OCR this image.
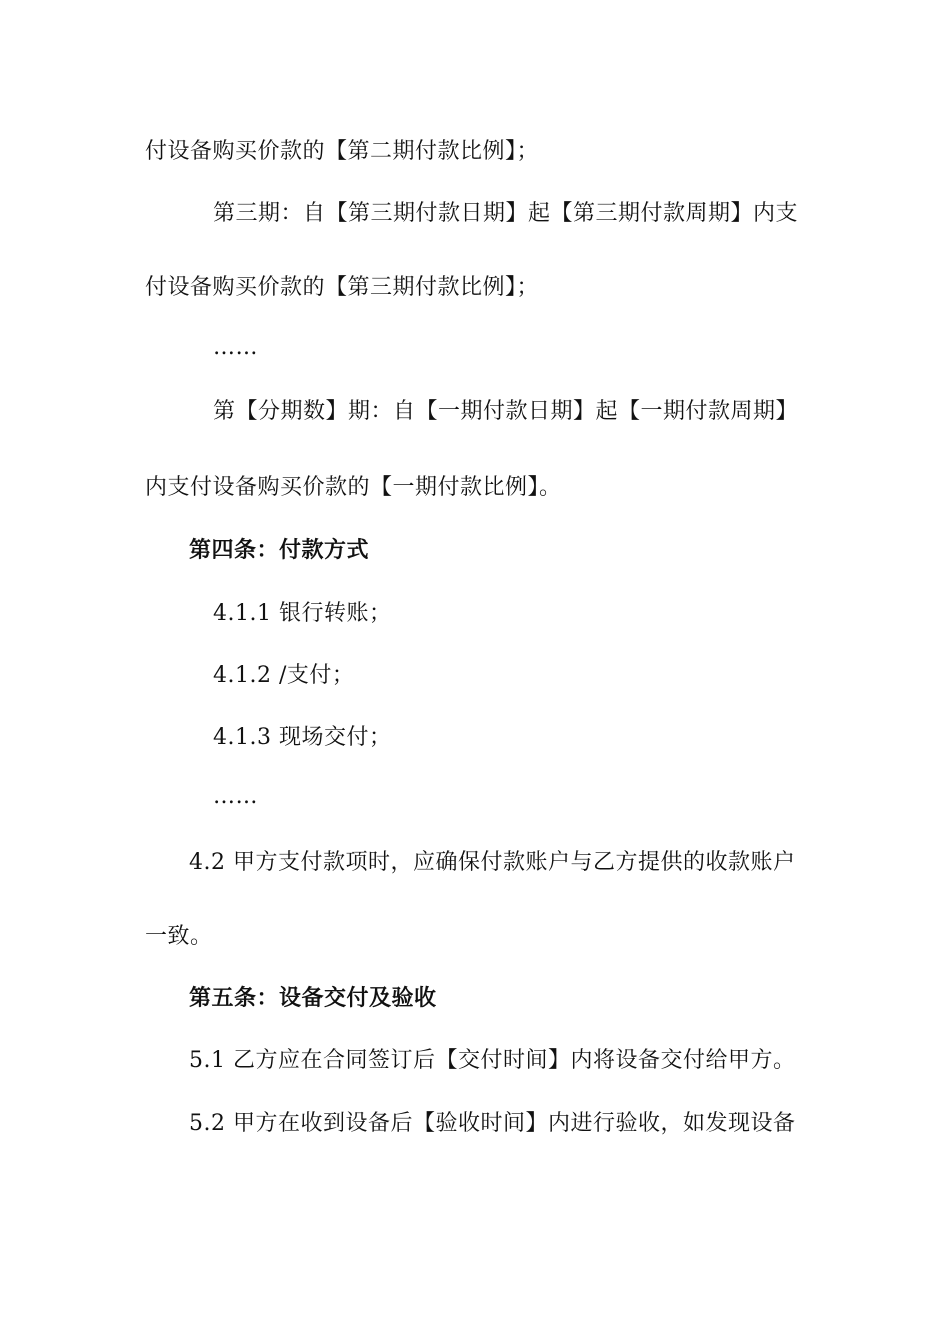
付设备购买价款的【第二期付款比例】；
第三期：自【第三期付款日期】起【第三期付款周期】内支
付设备购买价款的【第三期付款比例】；
……
第【分期数】期：自【一期付款日期】起【一期付款周期】
内支付设备购买价款的【一期付款比例】。
第四条：付款方式
4.1.1 银行转账；
4.1.2 /支付；
4.1.3 现场交付；
……
4.2 甲方支付款项时，应确保付款账户与乙方提供的收款账户
一致。
第五条：设备交付及验收
5.1 乙方应在合同签订后【交付时间】内将设备交付给甲方。
5.2 甲方在收到设备后【验收时间】内进行验收，如发现设备
